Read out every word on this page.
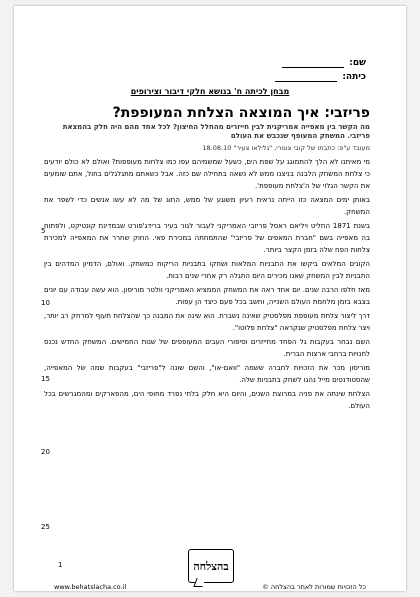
שם:
כיתה:
מבחן לכיתה ח' בנושא חלקי דיבור וצירופים
פריזבי: איך המוצאה הצלחת המעופפת?
מה הקשר בין מאפייה אמריקנית לבין חייזרים מהחלל החיצון? לכל אחד מהם היה חלק בהמצאת פריזבי. המשחק המעופף שנכבש את העולם
מעובד ע"פ: כתבתו של קובי צונורי, "גלילאו צעיר" 18.08.10

מי מאיתנו לא הלך להתמוגג על שפת הים, כשעל שמשמיהם עפו כמו צלחות מעופפות? ואולם לא כולם יודעים כי צלחת המשחק הלבנה בניצנו ממש לא נשאה בתחילה שם כזה. אבל כשאתם מתגלגלים בחול, אתם שומעים את הקשר הגלוי של ה'צלחת מעופפת'.

באותן ימים המצאה כזו הייתה נראית רעיון משוגע של ממש, החוג של מה לא עשו אנשים כדי לשפר את המשחק.

בשנת 1871 החליט ויליאם ראסל פריזבי האמריקני לעבור לגור בעיר ברידג'פורט שבמדינת קונטיקט, ולפתוח בה מאפייה בשם "חברת המאפים של פריזבי" שהתמחתה במכירת פאי. החוק שחרר את המאפייה למכירת צלחות הפח שלה בזמן הקצר ביותר.

הקונים המלאים ביקשו את התבניות המלאות ושחקו בתבניות הריקות כמשחק. ואולם, הדמיון המדהים בין התבניות לבין המשחק שאנו מכירים היום התגלה רק אחרי שנים רבות.

מאז חלפו הרבה שנים. יום אחד ראה את המשחק הממציא האמריקני וולטר מוריסון. הוא עשה עבודה עם יונים בצבא בזמן מלחמת העולם השנייה, וחשב בכל פעם כיצד הן עפות.

דרך ליצור צלחת מעופפת מפלסטיק שאינה נשברת. הוא שינה את המבנה כך שהצלחת תעוף למרחק רב יותר, ויצר צלחת מפלסטיק שנקראה "צלחת פלוטו".

השם נבחר בעקבות גל הפחד מחייזרים וסיפורי העבים המעופפים של שנות החמישים. המשחק החדש נכנס לחנויות ברחבי ארצות הברית.

מוריסון מכר את הזכויות לחברה ששמה "וואם-או", והשם שונה ל"פריזבי" בעקבות שמה של המאפייה, שהסטודנטים מייל נהגו לשחק בתבניות שלה.

הצלחת שינתה את פניה במרוצת השנים, והיום היא חלק בלתי נפרד מחופי הים, מהפארקים ומהמגרשים בכל העולם.

5
10
15
20
25
1	בהצלחה
www.behatslacha.co.il	כל הזכויות שמורות לאתר בהצלחה ©
